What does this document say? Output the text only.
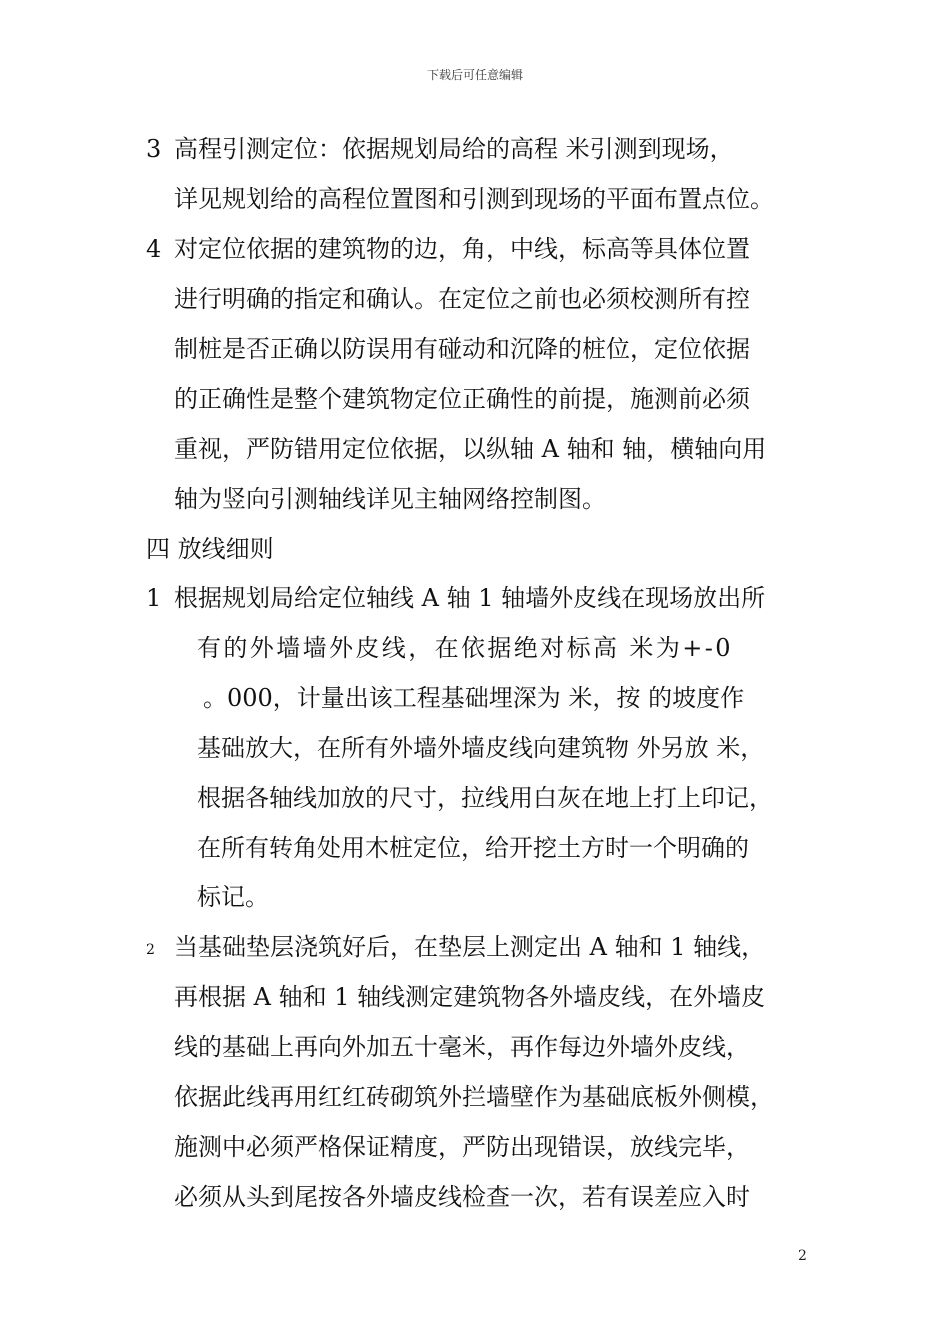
下载后可任意编辑
3 高程引测定位：依据规划局给的高程 米引测到现场，
详见规划给的高程位置图和引测到现场的平面布置点位。
4 对定位依据的建筑物的边，角，中线，标高等具体位置
进行明确的指定和确认。在定位之前也必须校测所有控
制桩是否正确以防误用有碰动和沉降的桩位，定位依据
的正确性是整个建筑物定位正确性的前提，施测前必须
重视，严防错用定位依据，以纵轴 A 轴和 轴，横轴向用
轴为竖向引测轴线详见主轴网络控制图。
四 放线细则
1 根据规划局给定位轴线 A 轴 1 轴墙外皮线在现场放出所
有的外墙墙外皮线，在依据绝对标高 米为+-0
。000，计量出该工程基础埋深为 米，按 的坡度作
基础放大，在所有外墙外墙皮线向建筑物 外另放 米，
根据各轴线加放的尺寸，拉线用白灰在地上打上印记，
在所有转角处用木桩定位，给开挖土方时一个明确的
标记。
2 当基础垫层浇筑好后，在垫层上测定出 A 轴和 1 轴线，
再根据 A 轴和 1 轴线测定建筑物各外墙皮线，在外墙皮
线的基础上再向外加五十毫米，再作每边外墙外皮线，
依据此线再用红红砖砌筑外拦墙壁作为基础底板外侧模，
施测中必须严格保证精度，严防出现错误，放线完毕，
必须从头到尾按各外墙皮线检查一次，若有误差应入时
2
